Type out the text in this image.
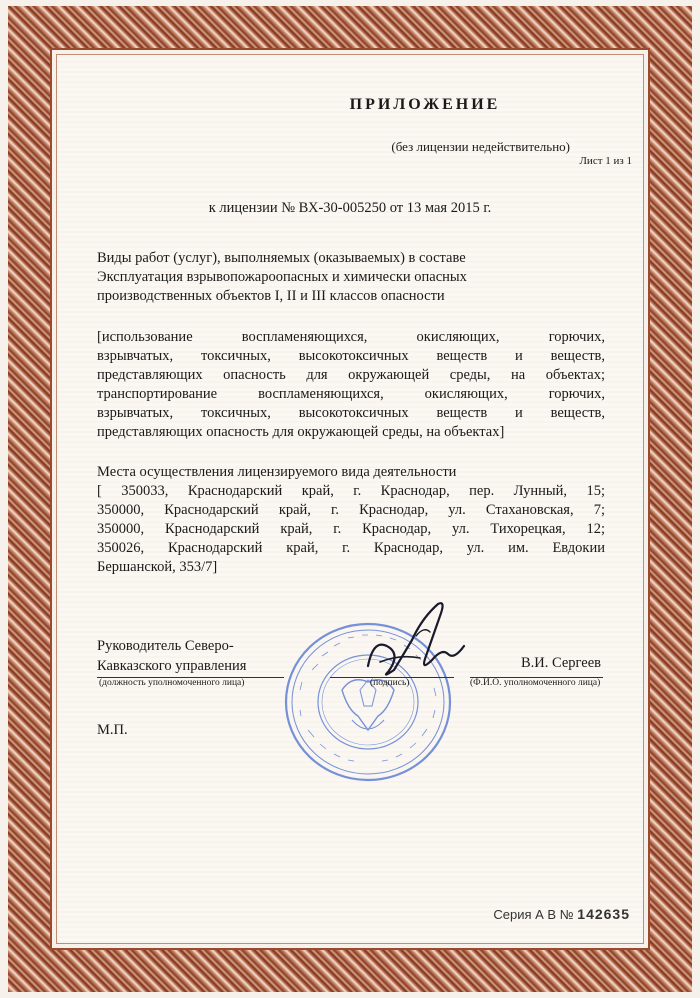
ПРИЛОЖЕНИЕ
(без лицензии недействительно)
Лист 1 из 1
к лицензии № ВХ-30-005250 от 13 мая 2015 г.
Виды работ (услуг), выполняемых (оказываемых) в составе
Эксплуатация взрывопожароопасных и химически опасных
производственных объектов I, II и III классов опасности
[использование воспламеняющихся, окисляющих, горючих,
взрывчатых, токсичных, высокотоксичных веществ и веществ,
представляющих опасность для окружающей среды, на объектах;
транспортирование воспламеняющихся, окисляющих, горючих,
взрывчатых, токсичных, высокотоксичных веществ и веществ,
представляющих опасность для окружающей среды, на объектах]
Места осуществления лицензируемого вида деятельности
[ 350033, Краснодарский край, г. Краснодар, пер. Лунный, 15;
350000, Краснодарский край, г. Краснодар, ул. Стахановская, 7;
350000, Краснодарский край, г. Краснодар, ул. Тихорецкая, 12;
350026, Краснодарский край, г. Краснодар, ул. им. Евдокии
Бершанской, 353/7]
Руководитель Северо-
Кавказского управления	В.И. Сергеев
(должность уполномоченного лица)	(подпись)	(Ф.И.О. уполномоченного лица)
М.П.
Серия А В № 142635
